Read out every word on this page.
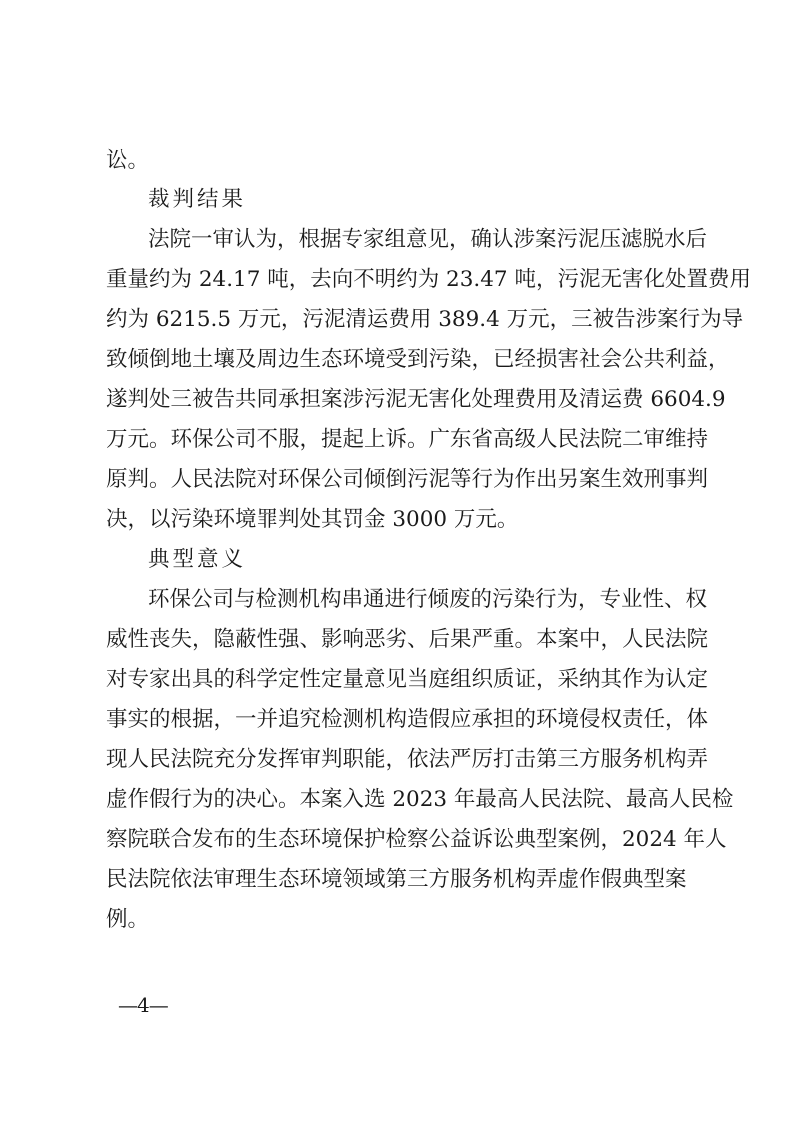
讼。
裁判结果
法院一审认为，根据专家组意见，确认涉案污泥压滤脱水后
重量约为 24.17 吨，去向不明约为 23.47 吨，污泥无害化处置费用
约为 6215.5 万元，污泥清运费用 389.4 万元，三被告涉案行为导
致倾倒地土壤及周边生态环境受到污染，已经损害社会公共利益，
遂判处三被告共同承担案涉污泥无害化处理费用及清运费 6604.9
万元。环保公司不服，提起上诉。广东省高级人民法院二审维持
原判。人民法院对环保公司倾倒污泥等行为作出另案生效刑事判
决，以污染环境罪判处其罚金 3000 万元。
典型意义
环保公司与检测机构串通进行倾废的污染行为，专业性、权
威性丧失，隐蔽性强、影响恶劣、后果严重。本案中，人民法院
对专家出具的科学定性定量意见当庭组织质证，采纳其作为认定
事实的根据，一并追究检测机构造假应承担的环境侵权责任，体
现人民法院充分发挥审判职能，依法严厉打击第三方服务机构弄
虚作假行为的决心。本案入选 2023 年最高人民法院、最高人民检
察院联合发布的生态环境保护检察公益诉讼典型案例，2024 年人
民法院依法审理生态环境领域第三方服务机构弄虚作假典型案
例。
—4—
